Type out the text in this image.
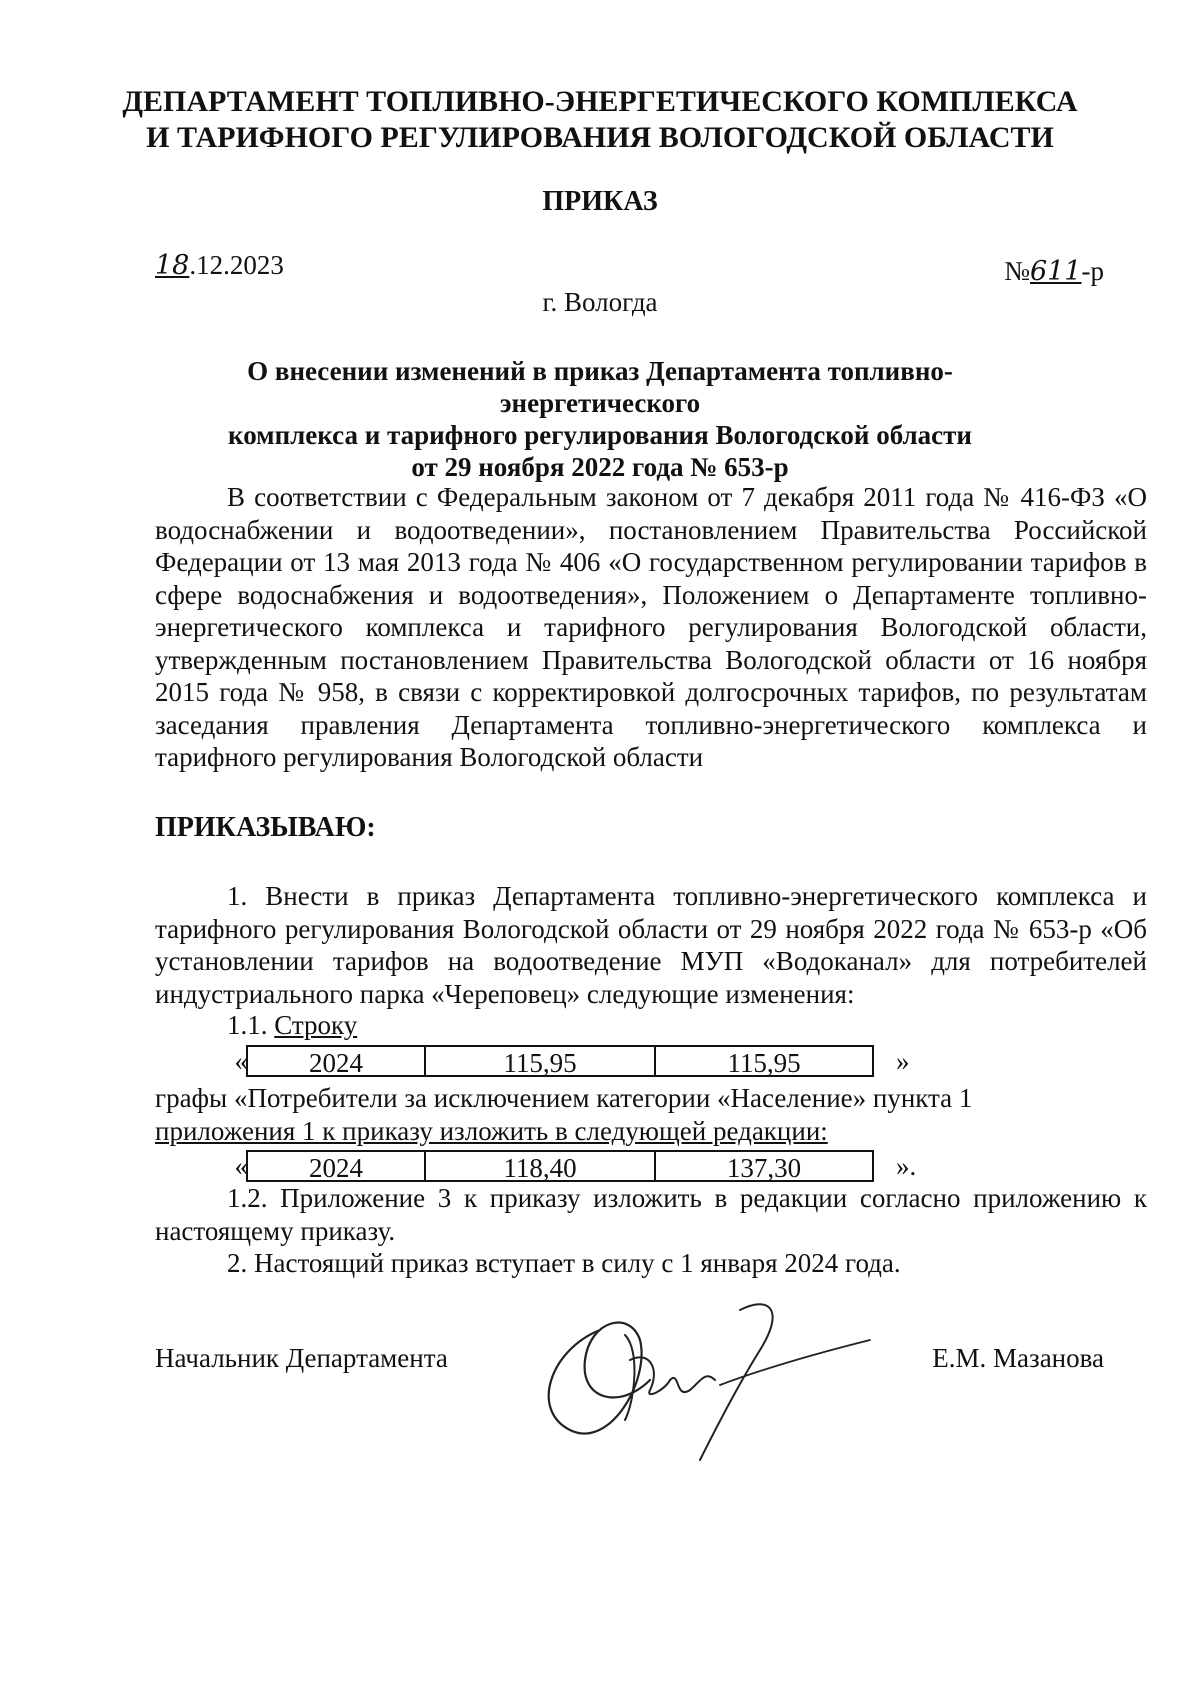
ДЕПАРТАМЕНТ ТОПЛИВНО-ЭНЕРГЕТИЧЕСКОГО КОМПЛЕКСА
И ТАРИФНОГО РЕГУЛИРОВАНИЯ ВОЛОГОДСКОЙ ОБЛАСТИ
ПРИКАЗ
18.12.2023	№611-р
г. Вологда
О внесении изменений в приказ Департамента топливно-энергетического
комплекса и тарифного регулирования Вологодской области
от 29 ноября 2022 года № 653-р
В соответствии с Федеральным законом от 7 декабря 2011 года № 416-ФЗ «О водоснабжении и водоотведении», постановлением Правительства Российской Федерации от 13 мая 2013 года № 406 «О государственном регулировании тарифов в сфере водоснабжения и водоотведения», Положением о Департаменте топливно-энергетического комплекса и тарифного регулирования Вологодской области, утвержденным постановлением Правительства Вологодской области от 16 ноября 2015 года № 958, в связи с корректировкой долгосрочных тарифов, по результатам заседания правления Департамента топливно-энергетического комплекса и тарифного регулирования Вологодской области
ПРИКАЗЫВАЮ:
1. Внести в приказ Департамента топливно-энергетического комплекса и тарифного регулирования Вологодской области от 29 ноября 2022 года № 653-р «Об установлении тарифов на водоотведение МУП «Водоканал» для потребителей индустриального парка «Череповец» следующие изменения:
1.1. Строку
«	2024	115,95	115,95	»
графы «Потребители за исключением категории «Население» пункта 1
приложения 1 к приказу изложить в следующей редакции:
«	2024	118,40	137,30	».
1.2. Приложение 3 к приказу изложить в редакции согласно приложению к настоящему приказу.
2. Настоящий приказ вступает в силу с 1 января 2024 года.
Начальник Департамента	Е.М. Мазанова
